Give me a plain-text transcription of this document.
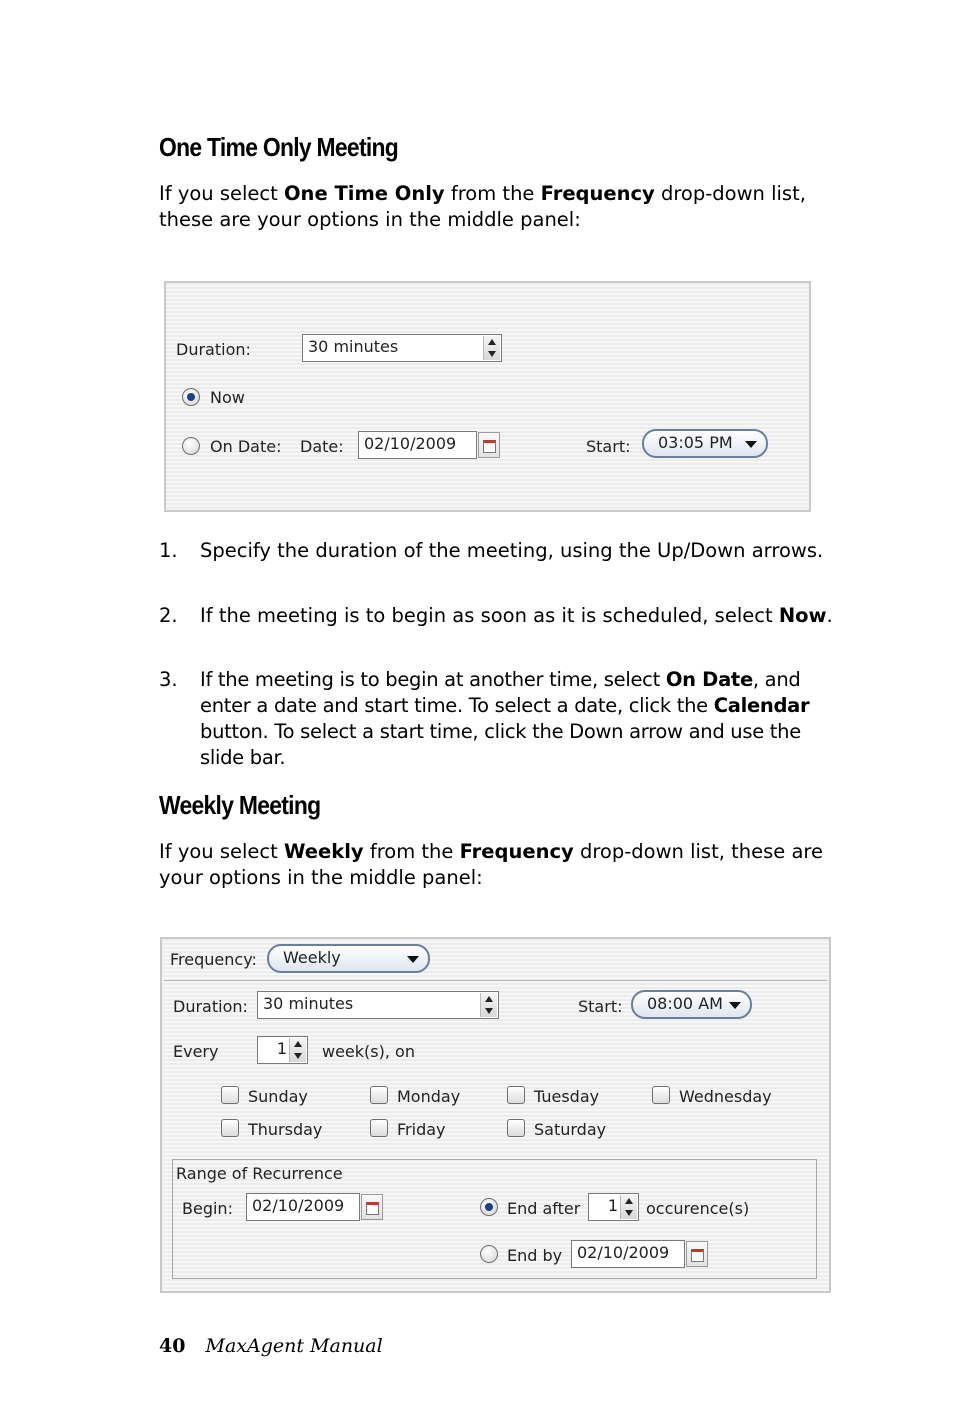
One Time Only Meeting

If you select One Time Only from the Frequency drop-down list, these are your options in the middle panel:

Duration:	30 minutes
Now
On Date: Date:	02/10/2009	Start:	03:05 PM
1. Specify the duration of the meeting, using the Up/Down arrows.
2. If the meeting is to begin as soon as it is scheduled, select Now.
3. If the meeting is to begin at another time, select On Date, and enter a date and start time. To select a date, click the Calendar button. To select a start time, click the Down arrow and use the slide bar.
Weekly Meeting

If you select Weekly from the Frequency drop-down list, these are your options in the middle panel:

Frequency:	Weekly
Duration: 30 minutes	Start:	08:00 AM
Every	1	week(s), on
Sunday	Monday	Tuesday	Wednesday
Thursday	Friday	Saturday
Range of Recurrence
Begin:	02/10/2009	End after	1	occurence(s)
End by 02/10/2009
40 MaxAgent Manual
